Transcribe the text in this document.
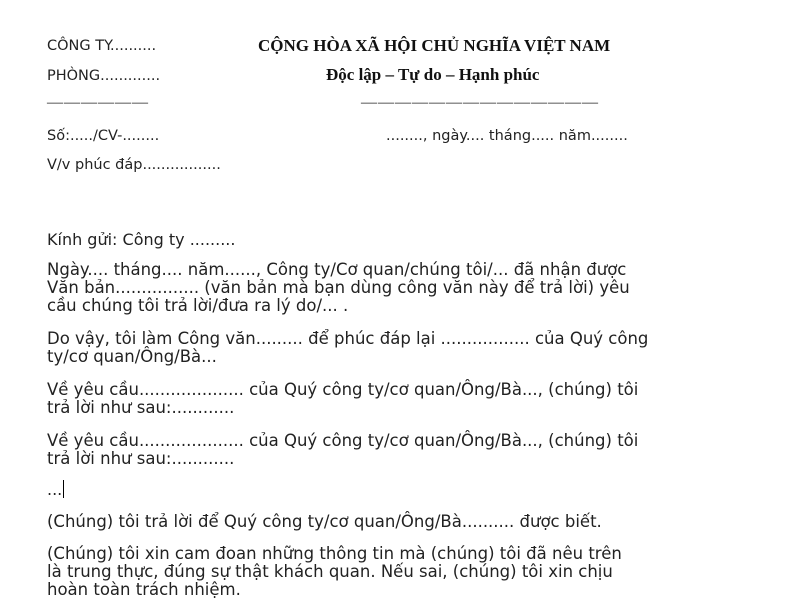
CÔNG TY..........
PHÒNG.............
——————
Số:...../CV-........
V/v phúc đáp.................
CỘNG HÒA XÃ HỘI CHỦ NGHĨA VIỆT NAM
Độc lập – Tự do – Hạnh phúc
——————————————
........, ngày.... tháng..... năm........
Kính gửi: Công ty .........
Ngày.... tháng.... năm......, Công ty/Cơ quan/chúng tôi/... đã nhận được
Văn bản................ (văn bản mà bạn dùng công văn này để trả lời) yêu
cầu chúng tôi trả lời/đưa ra lý do/... .
Do vậy, tôi làm Công văn......... để phúc đáp lại ................. của Quý công
ty/cơ quan/Ông/Bà...
Về yêu cầu.................... của Quý công ty/cơ quan/Ông/Bà..., (chúng) tôi
trả lời như sau:............
Về yêu cầu.................... của Quý công ty/cơ quan/Ông/Bà..., (chúng) tôi
trả lời như sau:............
...
(Chúng) tôi trả lời để Quý công ty/cơ quan/Ông/Bà.......... được biết.
(Chúng) tôi xin cam đoan những thông tin mà (chúng) tôi đã nêu trên
là trung thực, đúng sự thật khách quan. Nếu sai, (chúng) tôi xin chịu
hoàn toàn trách nhiệm.
